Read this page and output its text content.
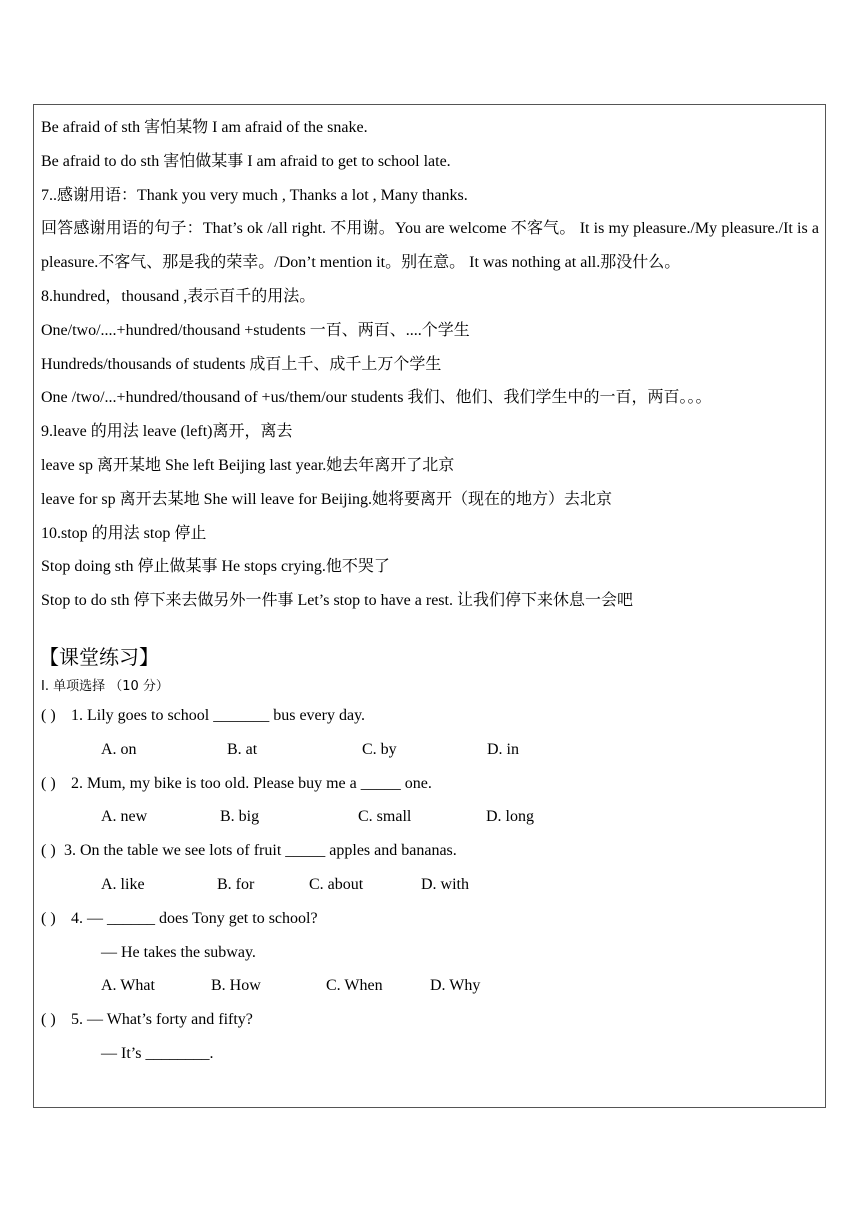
Be afraid of sth 害怕某物 I am afraid of the snake.

Be afraid to do sth 害怕做某事 I am afraid to get to school late.

7..感谢用语：Thank you very much , Thanks a lot , Many thanks.

回答感谢用语的句子：That’s ok /all right. 不用谢。You are welcome 不客气。 It is my pleasure./My pleasure./It is a pleasure.不客气、那是我的荣幸。/Don’t mention it。别在意。 It was nothing at all.那没什么。

8.hundred，thousand ,表示百千的用法。

One/two/....+hundred/thousand +students 一百、两百、....个学生

Hundreds/thousands of students 成百上千、成千上万个学生

One /two/...+hundred/thousand of +us/them/our students 我们、他们、我们学生中的一百，两百。。。

9.leave 的用法 leave (left)离开，离去

leave sp 离开某地 She left Beijing last year.她去年离开了北京

leave for sp 离开去某地 She will leave for Beijing.她将要离开（现在的地方）去北京

10.stop 的用法 stop 停止

Stop doing sth 停止做某事 He stops crying.他不哭了

Stop to do sth 停下来去做另外一件事 Let’s stop to have a rest. 让我们停下来休息一会吧

【课堂练习】

I. 单项选择 （10 分）

( ) 1. Lily goes to school _______ bus every day.

A. on	B. at	C. by	D. in

( ) 2. Mum, my bike is too old. Please buy me a _____ one.

A. new	B. big	C. small	D. long

( ) 3. On the table we see lots of fruit _____ apples and bananas.

A. like	B. for	C. about	D. with

( ) 4. — ______ does Tony get to school?

— He takes the subway.

A. What	B. How	C. When	D. Why

( ) 5. — What’s forty and fifty?

— It’s ________.
